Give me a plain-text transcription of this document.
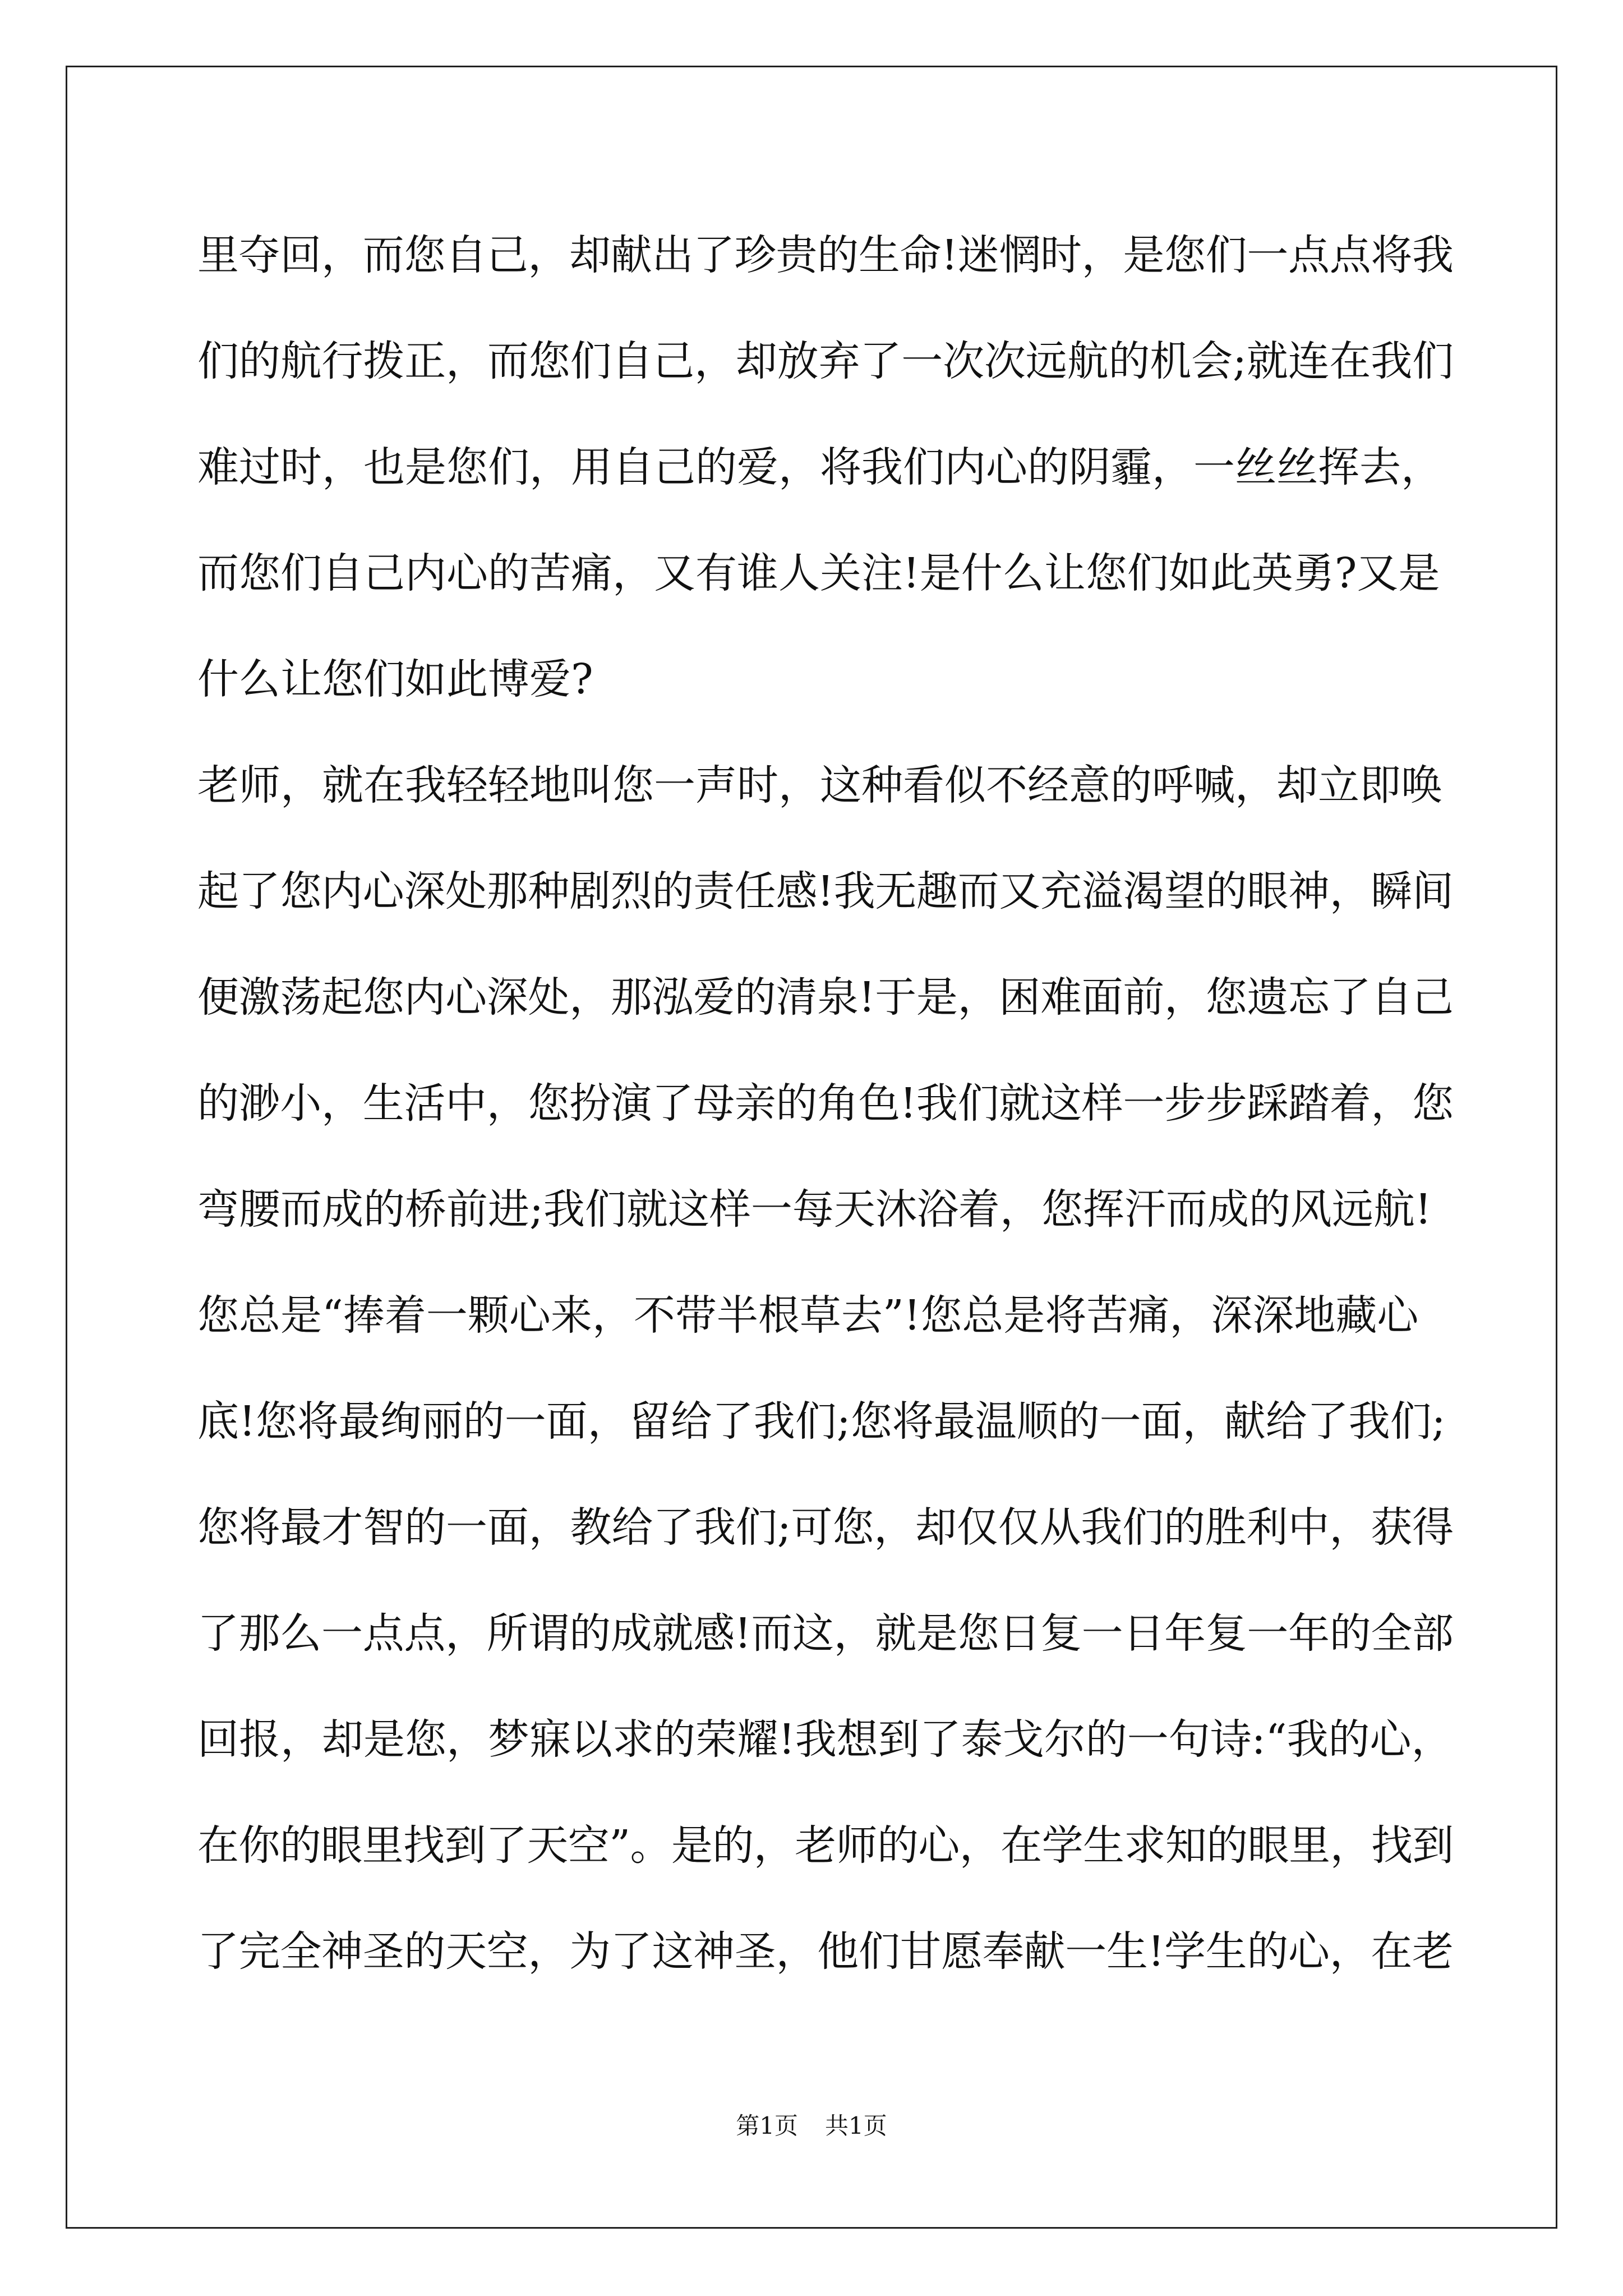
里夺回，而您自己，却献出了珍贵的生命!迷惘时，是您们一点点将我
们的航行拨正，而您们自己，却放弃了一次次远航的机会;就连在我们
难过时，也是您们，用自己的爱，将我们内心的阴霾，一丝丝挥去，
而您们自己内心的苦痛，又有谁人关注!是什么让您们如此英勇?又是
什么让您们如此博爱?
老师，就在我轻轻地叫您一声时，这种看似不经意的呼喊，却立即唤
起了您内心深处那种剧烈的责任感!我无趣而又充溢渴望的眼神，瞬间
便激荡起您内心深处，那泓爱的清泉!于是，困难面前，您遗忘了自己
的渺小，生活中，您扮演了母亲的角色!我们就这样一步步踩踏着，您
弯腰而成的桥前进;我们就这样一每天沐浴着，您挥汗而成的风远航!
您总是“捧着一颗心来，不带半根草去”!您总是将苦痛，深深地藏心
底!您将最绚丽的一面，留给了我们;您将最温顺的一面，献给了我们;
您将最才智的一面，教给了我们;可您，却仅仅从我们的胜利中，获得
了那么一点点，所谓的成就感!而这，就是您日复一日年复一年的全部
回报，却是您，梦寐以求的荣耀!我想到了泰戈尔的一句诗:“我的心，
在你的眼里找到了天空”。是的，老师的心，在学生求知的眼里，找到
了完全神圣的天空，为了这神圣，他们甘愿奉献一生!学生的心，在老
第1页 共1页
